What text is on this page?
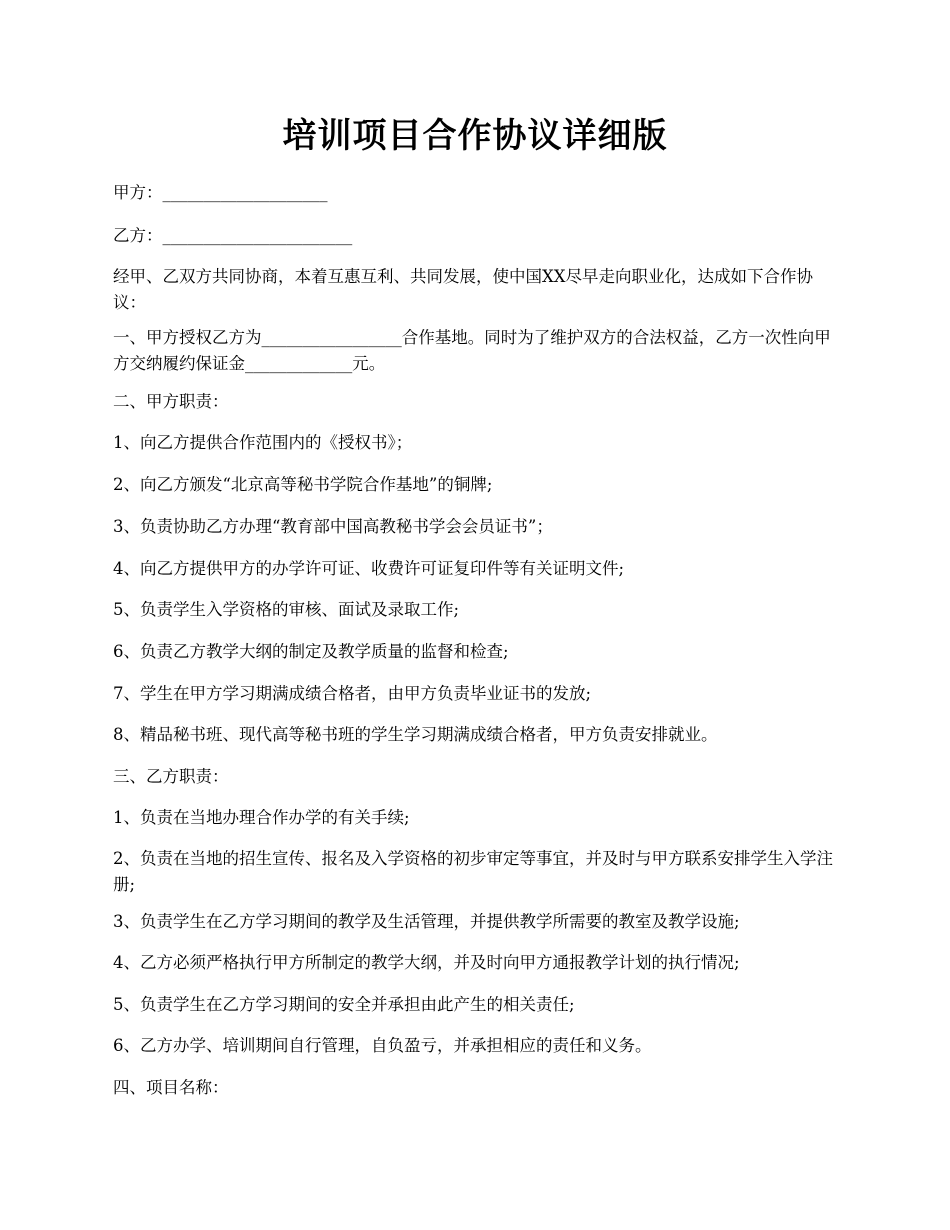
培训项目合作协议详细版

甲方：____________________

乙方：_______________________

经甲、乙双方共同协商，本着互惠互利、共同发展，使中国XX尽早走向职业化，达成如下合作协议：

一、甲方授权乙方为_________________合作基地。同时为了维护双方的合法权益，乙方一次性向甲方交纳履约保证金_____________元。

二、甲方职责：

1、向乙方提供合作范围内的《授权书》；

2、向乙方颁发“北京高等秘书学院合作基地”的铜牌;

3、负责协助乙方办理“教育部中国高教秘书学会会员证书”；

4、向乙方提供甲方的办学许可证、收费许可证复印件等有关证明文件;

5、负责学生入学资格的审核、面试及录取工作;

6、负责乙方教学大纲的制定及教学质量的监督和检查;

7、学生在甲方学习期满成绩合格者，由甲方负责毕业证书的发放;

8、精品秘书班、现代高等秘书班的学生学习期满成绩合格者，甲方负责安排就业。

三、乙方职责：

1、负责在当地办理合作办学的有关手续;

2、负责在当地的招生宣传、报名及入学资格的初步审定等事宜，并及时与甲方联系安排学生入学注册;

3、负责学生在乙方学习期间的教学及生活管理，并提供教学所需要的教室及教学设施;

4、乙方必须严格执行甲方所制定的教学大纲，并及时向甲方通报教学计划的执行情况;

5、负责学生在乙方学习期间的安全并承担由此产生的相关责任;

6、乙方办学、培训期间自行管理，自负盈亏，并承担相应的责任和义务。

四、项目名称：
